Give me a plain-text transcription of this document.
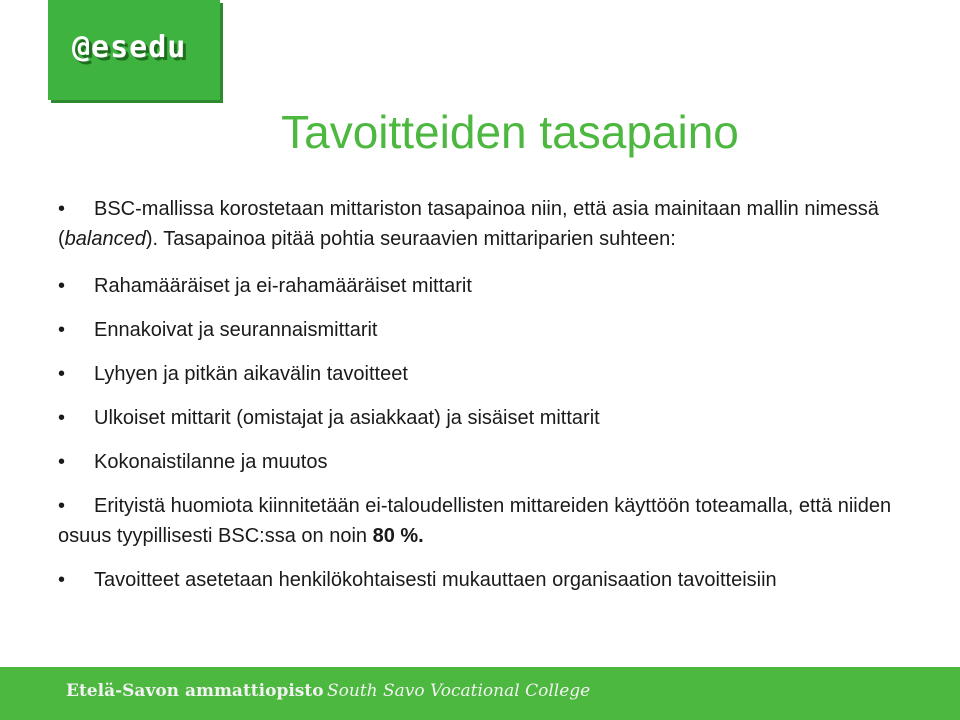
@esedu
Tavoitteiden tasapaino

• BSC-mallissa korostetaan mittariston tasapainoa niin, että asia mainitaan mallin nimessä (balanced). Tasapainoa pitää pohtia seuraavien mittariparien suhteen:

• Rahamääräiset ja ei-rahamääräiset mittarit

• Ennakoivat ja seurannaismittarit

• Lyhyen ja pitkän aikavälin tavoitteet

• Ulkoiset mittarit (omistajat ja asiakkaat) ja sisäiset mittarit

• Kokonaistilanne ja muutos

• Erityistä huomiota kiinnitetään ei-taloudellisten mittareiden käyttöön toteamalla, että niiden osuus tyypillisesti BSC:ssa on noin 80 %.

• Tavoitteet asetetaan henkilökohtaisesti mukauttaen organisaation tavoitteisiin

Etelä-Savon ammattiopisto South Savo Vocational College
